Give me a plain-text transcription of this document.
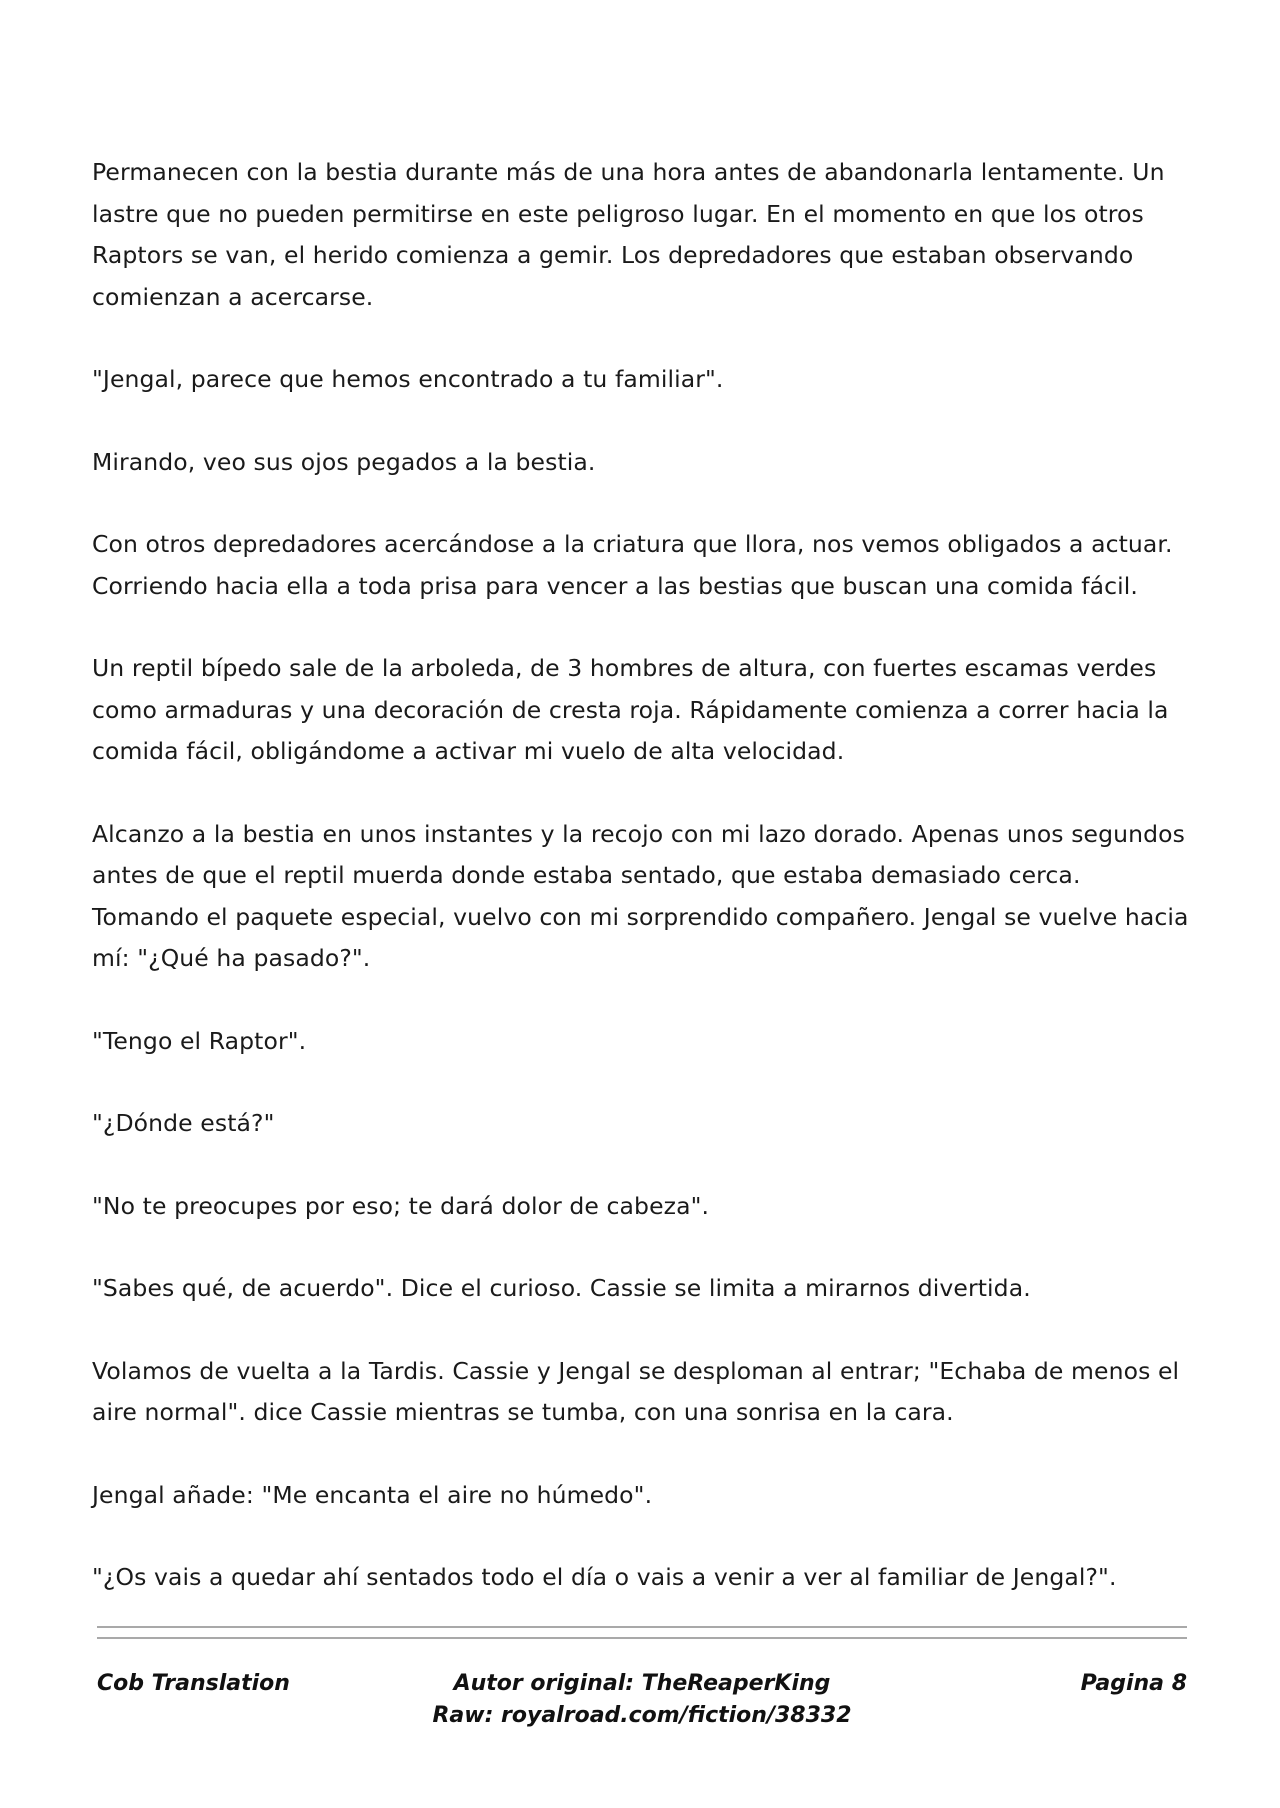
Permanecen con la bestia durante más de una hora antes de abandonarla lentamente. Un lastre que no pueden permitirse en este peligroso lugar. En el momento en que los otros Raptors se van, el herido comienza a gemir. Los depredadores que estaban observando comienzan a acercarse.

"Jengal, parece que hemos encontrado a tu familiar".

Mirando, veo sus ojos pegados a la bestia.

Con otros depredadores acercándose a la criatura que llora, nos vemos obligados a actuar. Corriendo hacia ella a toda prisa para vencer a las bestias que buscan una comida fácil.

Un reptil bípedo sale de la arboleda, de 3 hombres de altura, con fuertes escamas verdes como armaduras y una decoración de cresta roja. Rápidamente comienza a correr hacia la comida fácil, obligándome a activar mi vuelo de alta velocidad.

Alcanzo a la bestia en unos instantes y la recojo con mi lazo dorado. Apenas unos segundos antes de que el reptil muerda donde estaba sentado, que estaba demasiado cerca. Tomando el paquete especial, vuelvo con mi sorprendido compañero. Jengal se vuelve hacia mí: "¿Qué ha pasado?".

"Tengo el Raptor".

"¿Dónde está?"

"No te preocupes por eso; te dará dolor de cabeza".

"Sabes qué, de acuerdo". Dice el curioso. Cassie se limita a mirarnos divertida.

Volamos de vuelta a la Tardis. Cassie y Jengal se desploman al entrar; "Echaba de menos el aire normal". dice Cassie mientras se tumba, con una sonrisa en la cara.

Jengal añade: "Me encanta el aire no húmedo".

"¿Os vais a quedar ahí sentados todo el día o vais a venir a ver al familiar de Jengal?".

Cob Translation	Autor original: TheReaperKing
Raw: royalroad.com/fiction/38332
Pagina 8
